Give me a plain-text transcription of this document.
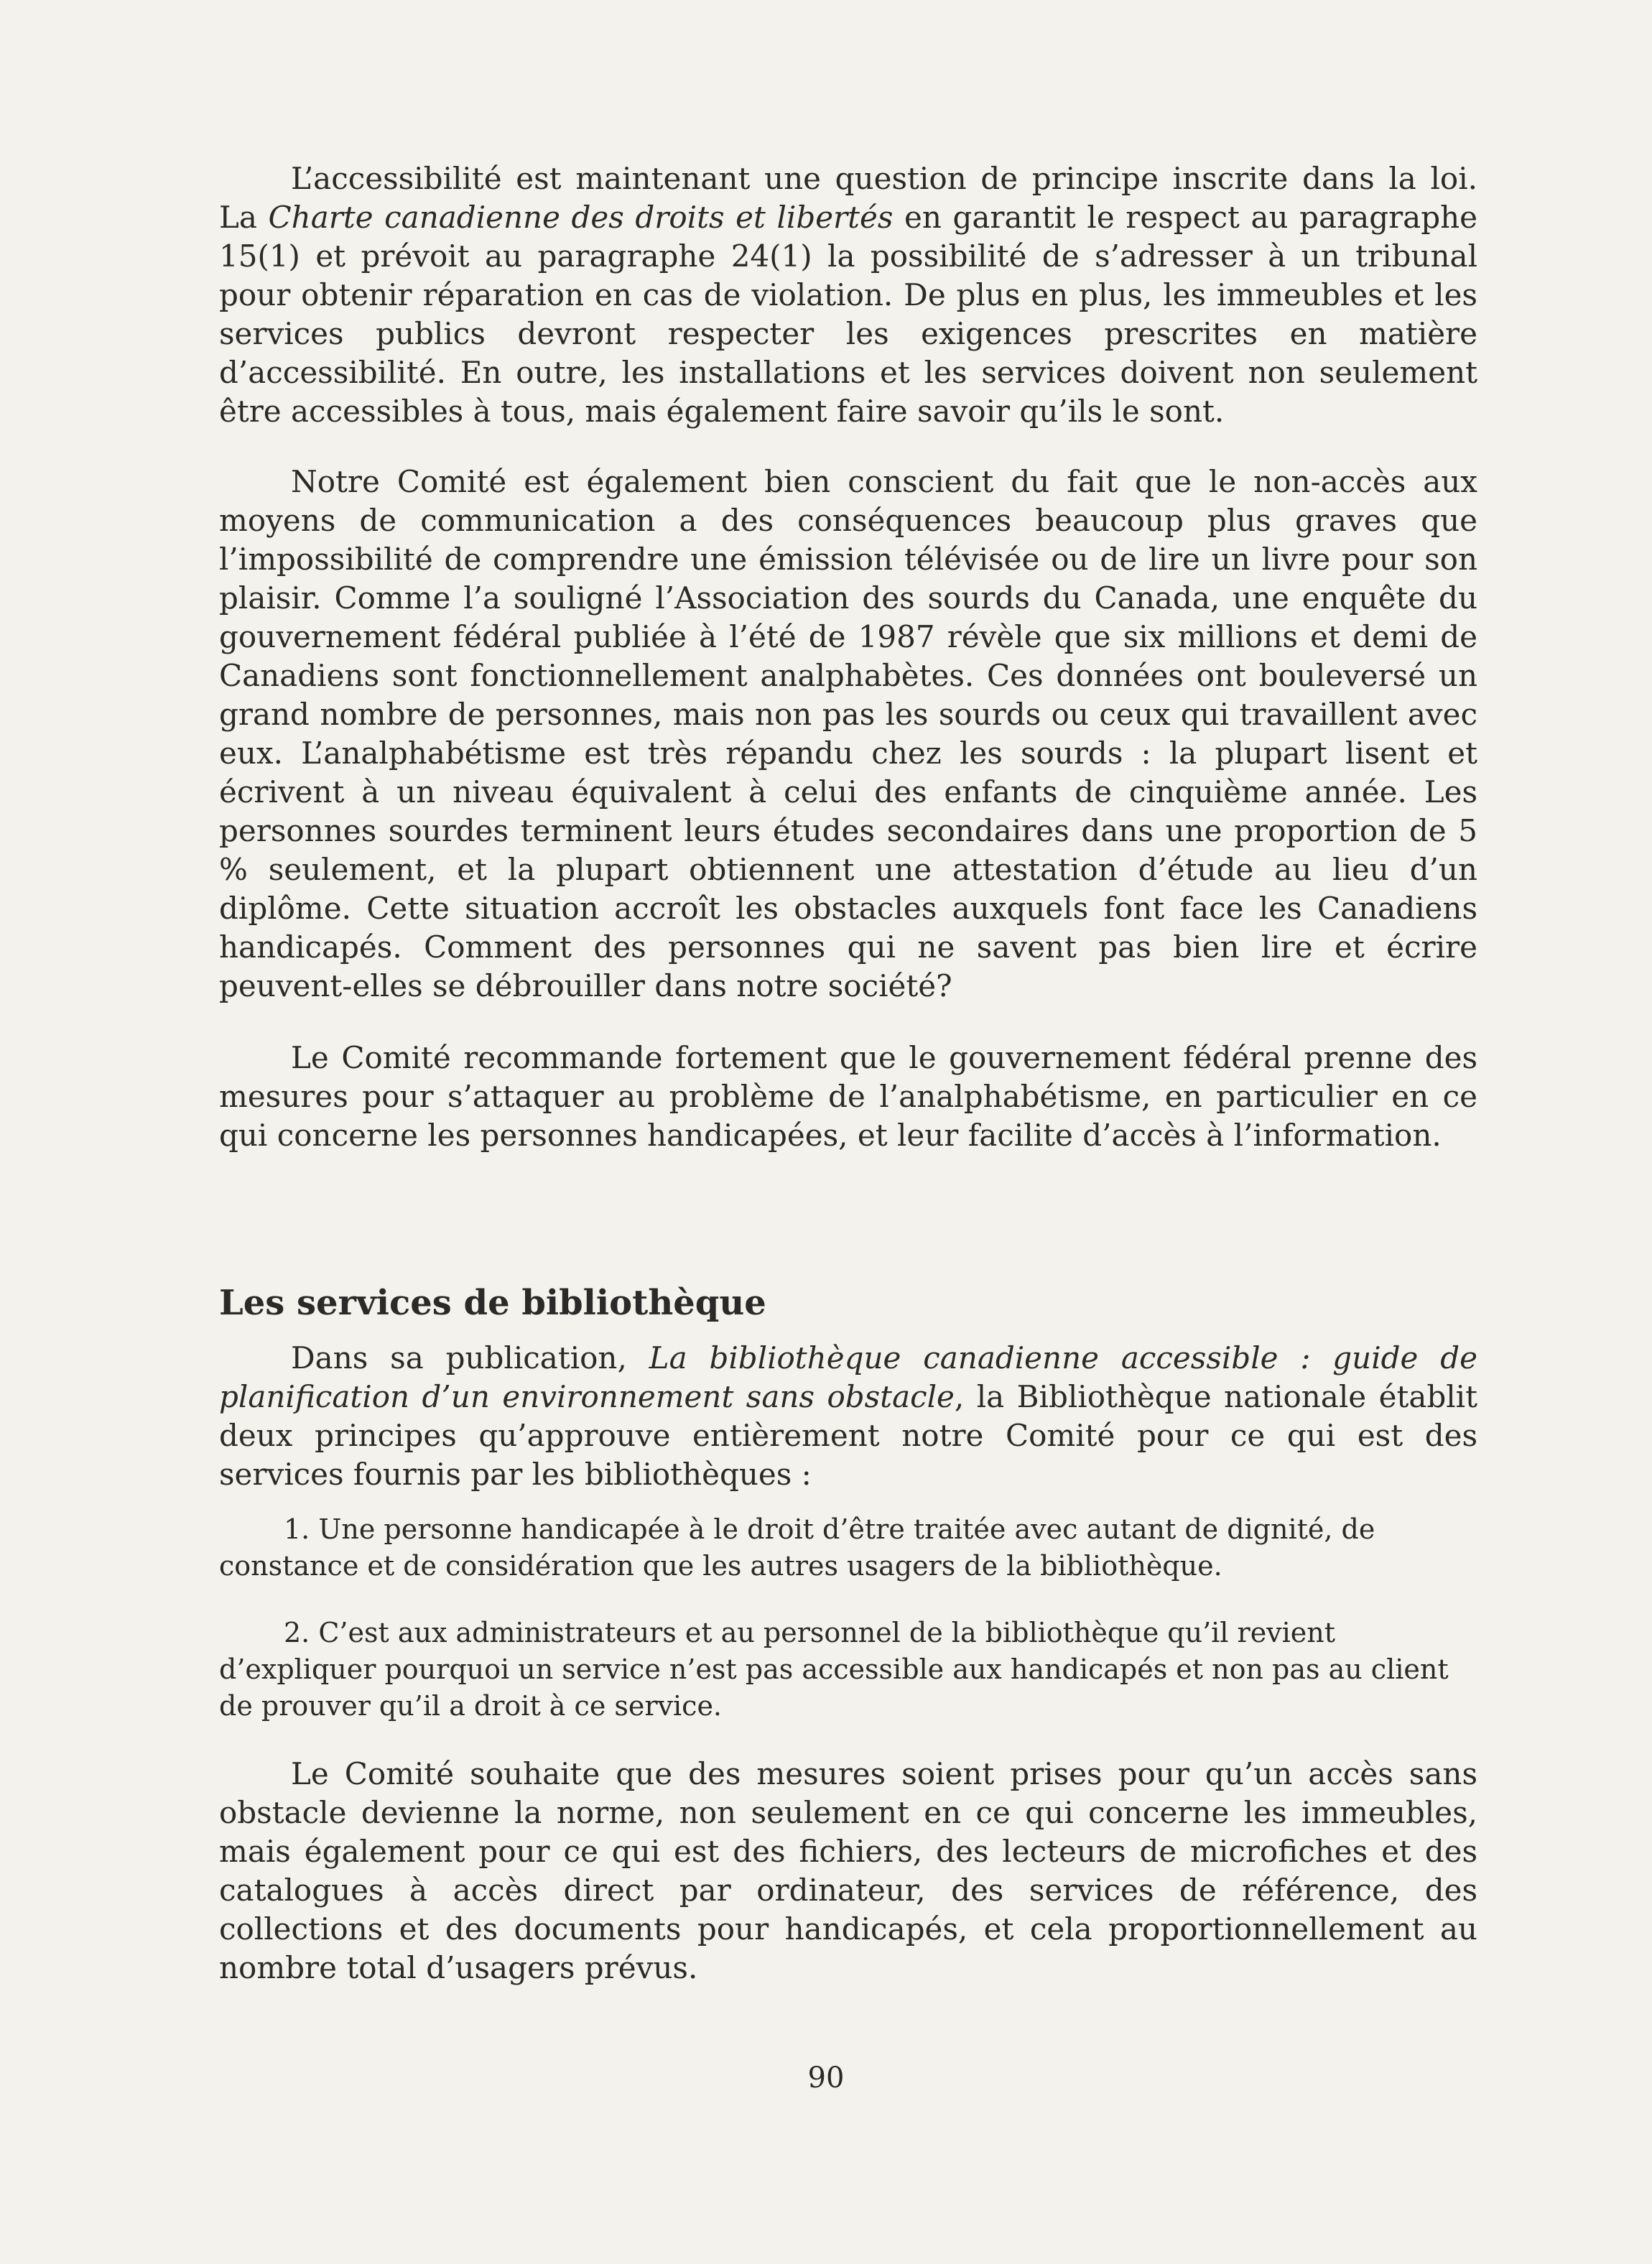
L’accessibilité est maintenant une question de principe inscrite dans la loi. La Charte canadienne des droits et libertés en garantit le respect au paragraphe 15(1) et prévoit au paragraphe 24(1) la possibilité de s’adresser à un tribunal pour obtenir réparation en cas de violation. De plus en plus, les immeubles et les services publics devront respecter les exigences prescrites en matière d’accessibilité. En outre, les installations et les services doivent non seulement être accessibles à tous, mais également faire savoir qu’ils le sont.

Notre Comité est également bien conscient du fait que le non-accès aux moyens de communication a des conséquences beaucoup plus graves que l’impossibilité de comprendre une émission télévisée ou de lire un livre pour son plaisir. Comme l’a souligné l’Association des sourds du Canada, une enquête du gouvernement fédéral publiée à l’été de 1987 révèle que six millions et demi de Canadiens sont fonctionnellement analphabètes. Ces données ont bouleversé un grand nombre de personnes, mais non pas les sourds ou ceux qui travaillent avec eux. L’analphabétisme est très répandu chez les sourds : la plupart lisent et écrivent à un niveau équivalent à celui des enfants de cinquième année. Les personnes sourdes terminent leurs études secondaires dans une proportion de 5 % seulement, et la plupart obtiennent une attestation d’étude au lieu d’un diplôme. Cette situation accroît les obstacles auxquels font face les Canadiens handicapés. Comment des personnes qui ne savent pas bien lire et écrire peuvent-elles se débrouiller dans notre société?

Le Comité recommande fortement que le gouvernement fédéral prenne des mesures pour s’attaquer au problème de l’analphabétisme, en particulier en ce qui concerne les personnes handicapées, et leur facilite d’accès à l’information.

Les services de bibliothèque

Dans sa publication, La bibliothèque canadienne accessible : guide de planification d’un environnement sans obstacle, la Bibliothèque nationale établit deux principes qu’approuve entièrement notre Comité pour ce qui est des services fournis par les bibliothèques :

1. Une personne handicapée à le droit d’être traitée avec autant de dignité, de constance et de considération que les autres usagers de la bibliothèque.

2. C’est aux administrateurs et au personnel de la bibliothèque qu’il revient d’expliquer pourquoi un service n’est pas accessible aux handicapés et non pas au client de prouver qu’il a droit à ce service.

Le Comité souhaite que des mesures soient prises pour qu’un accès sans obstacle devienne la norme, non seulement en ce qui concerne les immeubles, mais également pour ce qui est des fichiers, des lecteurs de microfiches et des catalogues à accès direct par ordinateur, des services de référence, des collections et des documents pour handicapés, et cela proportionnellement au nombre total d’usagers prévus.

90
